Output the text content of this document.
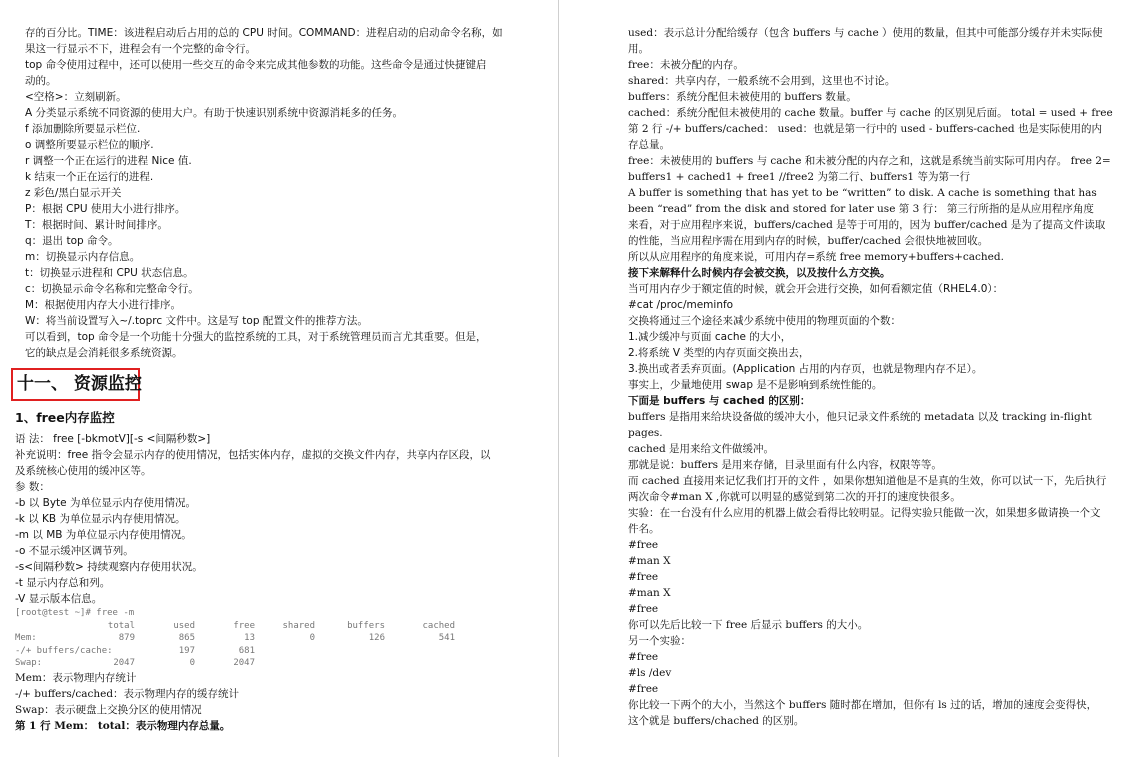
存的百分比。TIME：该进程启动后占用的总的 CPU 时间。COMMAND：进程启动的启动命令名称，如
果这一行显示不下，进程会有一个完整的命令行。
top 命令使用过程中，还可以使用一些交互的命令来完成其他参数的功能。这些命令是通过快捷键启
动的。
<空格>：立刻刷新。
A 分类显示系统不同资源的使用大户。有助于快速识别系统中资源消耗多的任务。
f 添加删除所要显示栏位.
o 调整所要显示栏位的顺序.
r 调整一个正在运行的进程 Nice 值.
k 结束一个正在运行的进程.
z 彩色/黑白显示开关
P：根据 CPU 使用大小进行排序。
T：根据时间、累计时间排序。
q：退出 top 命令。
m：切换显示内存信息。
t：切换显示进程和 CPU 状态信息。
c：切换显示命令名称和完整命令行。
M：根据使用内存大小进行排序。
W：将当前设置写入~/.toprc 文件中。这是写 top 配置文件的推荐方法。
可以看到，top 命令是一个功能十分强大的监控系统的工具，对于系统管理员而言尤其重要。但是，
它的缺点是会消耗很多系统资源。
十一、 资源监控
1、free内存监控
语 法： free [-bkmotV][-s <间隔秒数>]
补充说明：free 指令会显示内存的使用情况，包括实体内存，虚拟的交换文件内存，共享内存区段，以
及系统核心使用的缓冲区等。
参 数：
-b 以 Byte 为单位显示内存使用情况。
-k 以 KB 为单位显示内存使用情况。
-m 以 MB 为单位显示内存使用情况。
-o 不显示缓冲区调节列。
-s<间隔秒数> 持续观察内存使用状况。
-t 显示内存总和列。
-V 显示版本信息。
[root@test ~]# free -m
total	used	free	shared	buffers	cached
Mem:	879	865	13	0	126	541
-/+ buffers/cache:	197	681
Swap:	2047	0	2047
Mem：表示物理内存统计
-/+ buffers/cached：表示物理内存的缓存统计
Swap：表示硬盘上交换分区的使用情况
第 1 行 Mem： total：表示物理内存总量。
used：表示总计分配给缓存（包含 buffers 与 cache ）使用的数量，但其中可能部分缓存并未实际使
用。
free：未被分配的内存。
shared：共享内存，一般系统不会用到，这里也不讨论。
buffers：系统分配但未被使用的 buffers 数量。
cached：系统分配但未被使用的 cache 数量。buffer 与 cache 的区别见后面。 total = used + free
第 2 行 -/+ buffers/cached： used：也就是第一行中的 used - buffers-cached 也是实际使用的内
存总量。
free：未被使用的 buffers 与 cache 和未被分配的内存之和，这就是系统当前实际可用内存。 free 2=
buffers1 + cached1 + free1 //free2 为第二行、buffers1 等为第一行
A buffer is something that has yet to be “written” to disk. A cache is something that has
been “read” from the disk and stored for later use 第 3 行： 第三行所指的是从应用程序角度
来看，对于应用程序来说，buffers/cached 是等于可用的，因为 buffer/cached 是为了提高文件读取
的性能，当应用程序需在用到内存的时候，buffer/cached 会很快地被回收。
所以从应用程序的角度来说，可用内存=系统 free memory+buffers+cached.
接下来解释什么时候内存会被交换，以及按什么方交换。
当可用内存少于额定值的时候，就会开会进行交换，如何看额定值（RHEL4.0）：
#cat /proc/meminfo
交换将通过三个途径来减少系统中使用的物理页面的个数：
1.减少缓冲与页面 cache 的大小，
2.将系统 V 类型的内存页面交换出去，
3.换出或者丢弃页面。(Application 占用的内存页，也就是物理内存不足）。
事实上，少量地使用 swap 是不是影响到系统性能的。
下面是 buffers 与 cached 的区别：
buffers 是指用来给块设备做的缓冲大小，他只记录文件系统的 metadata 以及 tracking in-flight
pages.
cached 是用来给文件做缓冲。
那就是说：buffers 是用来存储，目录里面有什么内容，权限等等。
而 cached 直接用来记忆我们打开的文件 ，如果你想知道他是不是真的生效，你可以试一下，先后执行
两次命令#man X ,你就可以明显的感觉到第二次的开打的速度快很多。
实验：在一台没有什么应用的机器上做会看得比较明显。记得实验只能做一次，如果想多做请换一个文
件名。
#free
#man X
#free
#man X
#free
你可以先后比较一下 free 后显示 buffers 的大小。
另一个实验：
#free
#ls /dev
#free
你比较一下两个的大小，当然这个 buffers 随时都在增加，但你有 ls 过的话，增加的速度会变得快，
这个就是 buffers/chached 的区别。
